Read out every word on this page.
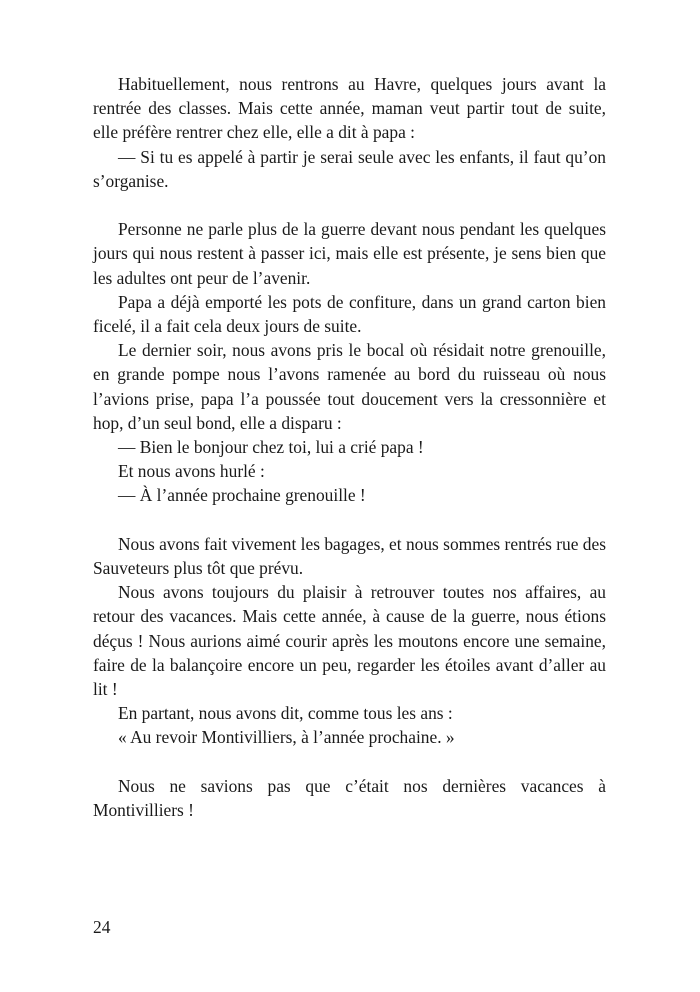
Habituellement, nous rentrons au Havre, quelques jours avant la rentrée des classes. Mais cette année, maman veut partir tout de suite, elle préfère rentrer chez elle, elle a dit à papa :

— Si tu es appelé à partir je serai seule avec les enfants, il faut qu’on s’organise.

Personne ne parle plus de la guerre devant nous pendant les quelques jours qui nous restent à passer ici, mais elle est présente, je sens bien que les adultes ont peur de l’avenir.

Papa a déjà emporté les pots de confiture, dans un grand carton bien ficelé, il a fait cela deux jours de suite.

Le dernier soir, nous avons pris le bocal où résidait notre grenouille, en grande pompe nous l’avons ramenée au bord du ruisseau où nous l’avions prise, papa l’a poussée tout doucement vers la cressonnière et hop, d’un seul bond, elle a disparu :

— Bien le bonjour chez toi, lui a crié papa !

Et nous avons hurlé :

— À l’année prochaine grenouille !

Nous avons fait vivement les bagages, et nous sommes rentrés rue des Sauveteurs plus tôt que prévu.

Nous avons toujours du plaisir à retrouver toutes nos affaires, au retour des vacances. Mais cette année, à cause de la guerre, nous étions déçus ! Nous aurions aimé courir après les moutons encore une semaine, faire de la balançoire encore un peu, regarder les étoiles avant d’aller au lit !

En partant, nous avons dit, comme tous les ans :

« Au revoir Montivilliers, à l’année prochaine. »

Nous ne savions pas que c’était nos dernières vacances à Montivilliers !

24
